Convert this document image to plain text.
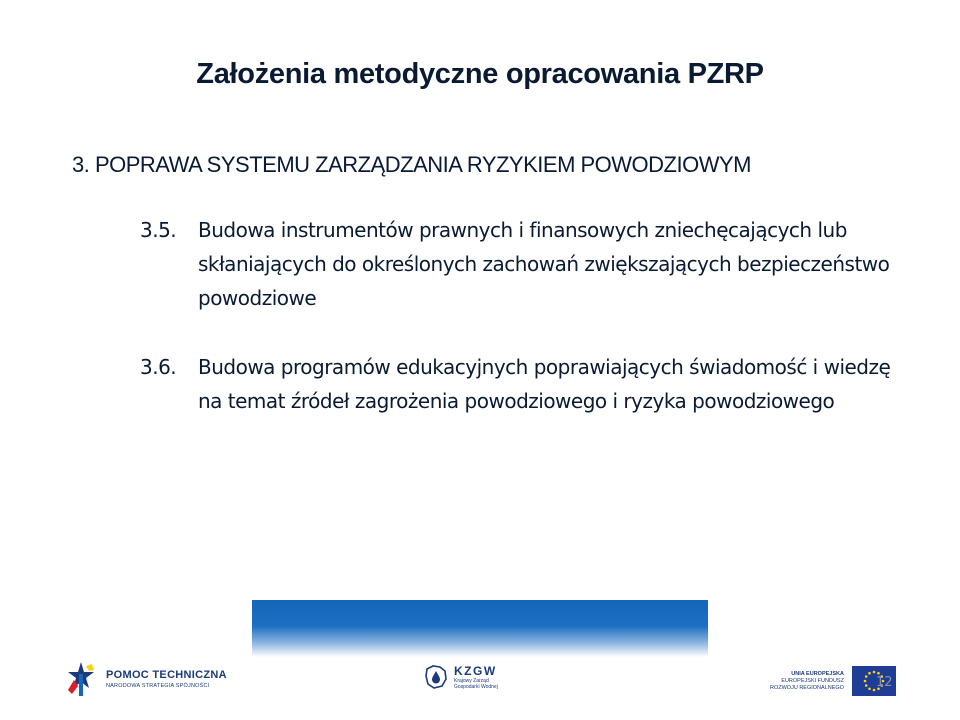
Założenia metodyczne opracowania PZRP
3. POPRAWA SYSTEMU ZARZĄDZANIA RYZYKIEM POWODZIOWYM
3.5. Budowa instrumentów prawnych i finansowych zniechęcających lub skłaniających do określonych zachowań zwiększających bezpieczeństwo powodziowe
3.6. Budowa programów edukacyjnych poprawiających świadomość i wiedzę na temat źródeł zagrożenia powodziowego i ryzyka powodziowego
POMOC TECHNICZNA
NARODOWA STRATEGIA SPÓJNOŚCI
KZGW
Krajowy Zarząd Gospodarki Wodnej
UNIA EUROPEJSKA
EUROPEJSKI FUNDUSZ
ROZWOJU REGIONALNEGO 12
